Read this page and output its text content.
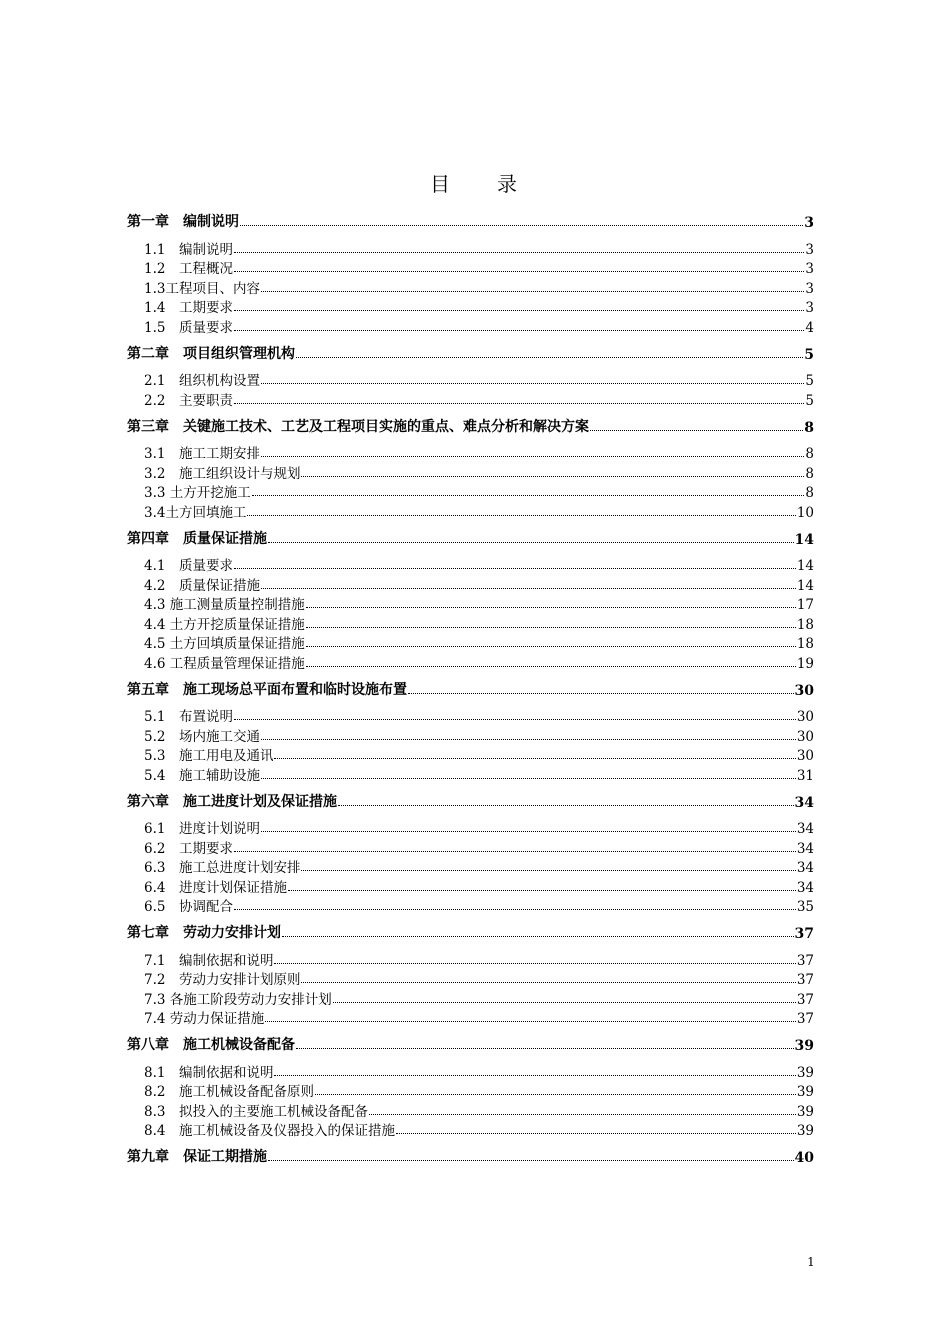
目 录
第一章　编制说明	3
1.1　编制说明	3
1.2　工程概况	3
1.3工程项目、内容	3
1.4　工期要求	3
1.5　质量要求	4
第二章　项目组织管理机构	5
2.1　组织机构设置	5
2.2　主要职责	5
第三章　关键施工技术、工艺及工程项目实施的重点、难点分析和解决方案	8
3.1　施工工期安排	8
3.2　施工组织设计与规划	8
3.3 土方开挖施工	8
3.4土方回填施工	10
第四章　质量保证措施	14
4.1　质量要求	14
4.2　质量保证措施	14
4.3 施工测量质量控制措施	17
4.4 土方开挖质量保证措施	18
4.5 土方回填质量保证措施	18
4.6 工程质量管理保证措施	19
第五章　施工现场总平面布置和临时设施布置	30
5.1　布置说明	30
5.2　场内施工交通	30
5.3　施工用电及通讯	30
5.4　施工辅助设施	31
第六章　施工进度计划及保证措施	34
6.1　进度计划说明	34
6.2　工期要求	34
6.3　施工总进度计划安排	34
6.4　进度计划保证措施	34
6.5　协调配合	35
第七章　劳动力安排计划	37
7.1　编制依据和说明	37
7.2　劳动力安排计划原则	37
7.3 各施工阶段劳动力安排计划	37
7.4 劳动力保证措施	37
第八章　施工机械设备配备	39
8.1　编制依据和说明	39
8.2　施工机械设备配备原则	39
8.3　拟投入的主要施工机械设备配备	39
8.4　施工机械设备及仪器投入的保证措施	39
第九章　保证工期措施	40
1
